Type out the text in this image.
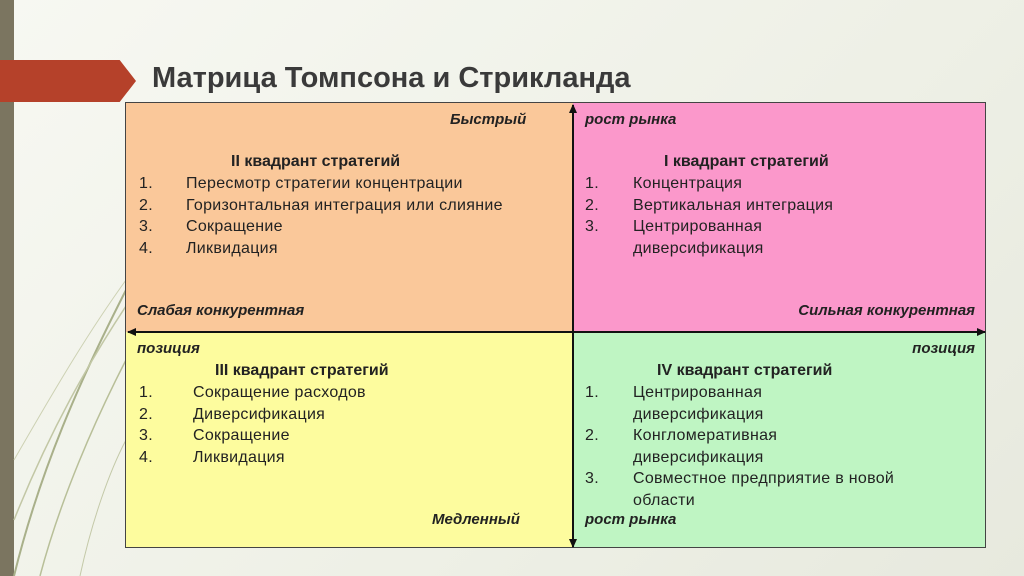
Матрица Томпсона и Стрикланда
II квадрант стратегий
1.	Пересмотр стратегии концентрации
2.	Горизонтальная интеграция или слияние
3.	Сокращение
4.	Ликвидация
I квадрант стратегий
1.	Концентрация
2.	Вертикальная интеграция
3.	Центрированная диверсификация
III квадрант стратегий
1.	Сокращение расходов
2.	Диверсификация
3.	Сокращение
4.	Ликвидация
IV квадрант стратегий
1.	Центрированная диверсификация
2.	Конгломеративная диверсификация
3.	Совместное предприятие в новой области
Быстрый	рост рынка
Медленный	рост рынка
Слабая конкурентная
позиция
Сильная конкурентная
позиция
